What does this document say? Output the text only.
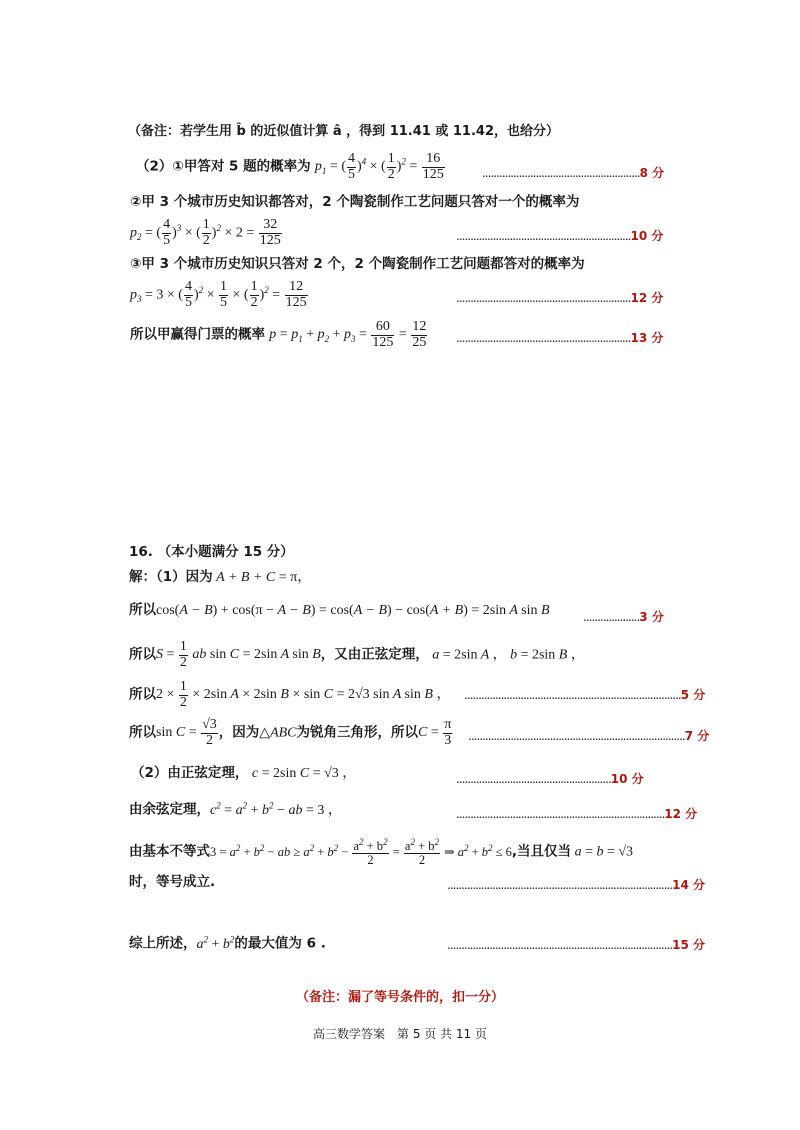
（备注：若学生用 b̂ 的近似值计算 â ，得到 11.41 或 11.42，也给分）
（2）①甲答对 5 题的概率为 $p_1$ = ( $\frac{4}{5} )^4$ × ( $\frac{1}{2} )^2 = \frac{16}{125}$	........................................................8 分
②甲 3 个城市历史知识都答对，2 个陶瓷制作工艺问题只答对一个的概率为
$p_2$ = ( $\frac{4}{5} )^3$ × ( $\frac{1}{2} )^2 \times 2 = \frac{32}{125}$	..............................................................10 分
③甲 3 个城市历史知识只答对 2 个，2 个陶瓷制作工艺问题都答对的概率为
$p_3 = 3$ × ( $\frac{4}{5} )^2 \times \frac{1}{5}$ × ( $\frac{1}{2} )^2 = \frac{12}{125}$	..............................................................12 分
所以甲赢得门票的概率 $p = p_1 + p_2 + p_3 = \frac{60}{125} = \frac{12}{25} ..............................................................13$ 分
16. （本小题满分 15 分）
解：（1）因为 A + B + C = π，
所以cos(A − B) + cos(π − A − B) = cos(A − B) − cos(A + B) = 2sin A sin B	....................3 分
所以$S = \frac{1}{2}$ ab sin C = 2sin A sin B，又由正弦定理， a = 2sin A ， b = 2sin B ，
所以$2 \times \frac{1}{2} \times 2\sin$ A × 2sin B × sin C = 2√3 sin A sin B ， .............................................................................5 分
所以$\sin C = \frac{√3}{2}$ ，因为△ABC为锐角三角形，所以$C = \frac{\pi}{3} .............................................................................7$ 分
（2）由正弦定理， c = 2sin C = √3 ，	.......................................................10 分
由余弦定理，$c^2 = a^2 + b^2$ − ab = 3 ，	..........................................................................12 分
由基本不等式$3 = a^2 + b^2$ − ab ≥ $a^2 + b^2 - \frac{a^2 + b^2}{2} = \frac{a^2 + b^2}{2}$ ⇒ $a^2 + b^2 \le 6$,当且仅当 a = b = √3
时，等号成立.	................................................................................14 分
综上所述，$a^2 + b^2$的最大值为 6 .	................................................................................15 分
（备注：漏了等号条件的，扣一分）
高三数学答案　第 5 页 共 11 页
